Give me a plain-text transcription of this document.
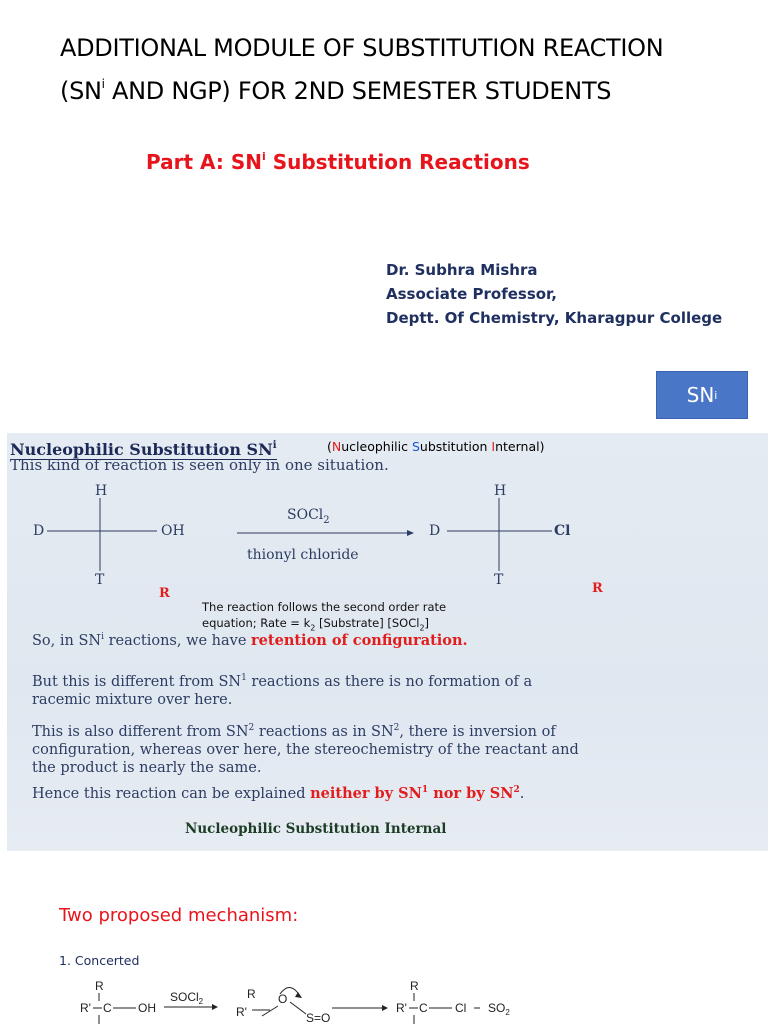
ADDITIONAL MODULE OF SUBSTITUTION REACTION
($SN^i$ AND NGP) FOR 2ND SEMESTER STUDENTS
Part A: $SN^i$ Substitution Reactions
Dr. Subhra Mishra
Associate Professor,
Deptt. Of Chemistry, Kharagpur College
Nucleophilic Substitution $SN^i$	(Nucleophilic Substitution Internal)
This kind of reaction is seen only in one situation.
H
D	OH
T
R
SOCl$_2$
thionyl chloride
H
D	Cl
T
R
The reaction follows the second order rate
equation; Rate = $k_2$ [Substrate] [SOCl$_2$]
So, in $SN^i$ reactions, we have retention of configuration.
But this is different from $SN^1$ reactions as there is no formation of a
racemic mixture over here.
This is also different from $SN^2$ reactions as in $SN^2$, there is inversion of
configuration, whereas over here, the stereochemistry of the reactant and
the product is nearly the same.
Hence this reaction can be explained neither by $SN^1$ nor by $SN^2$.
Nucleophilic Substitution Internal
SN i
Two proposed mechanism:
1. Concerted
R
R' C OH
SOCl$_2$
R
R'
O
S=O
R
R' C Cl $SO_2$
